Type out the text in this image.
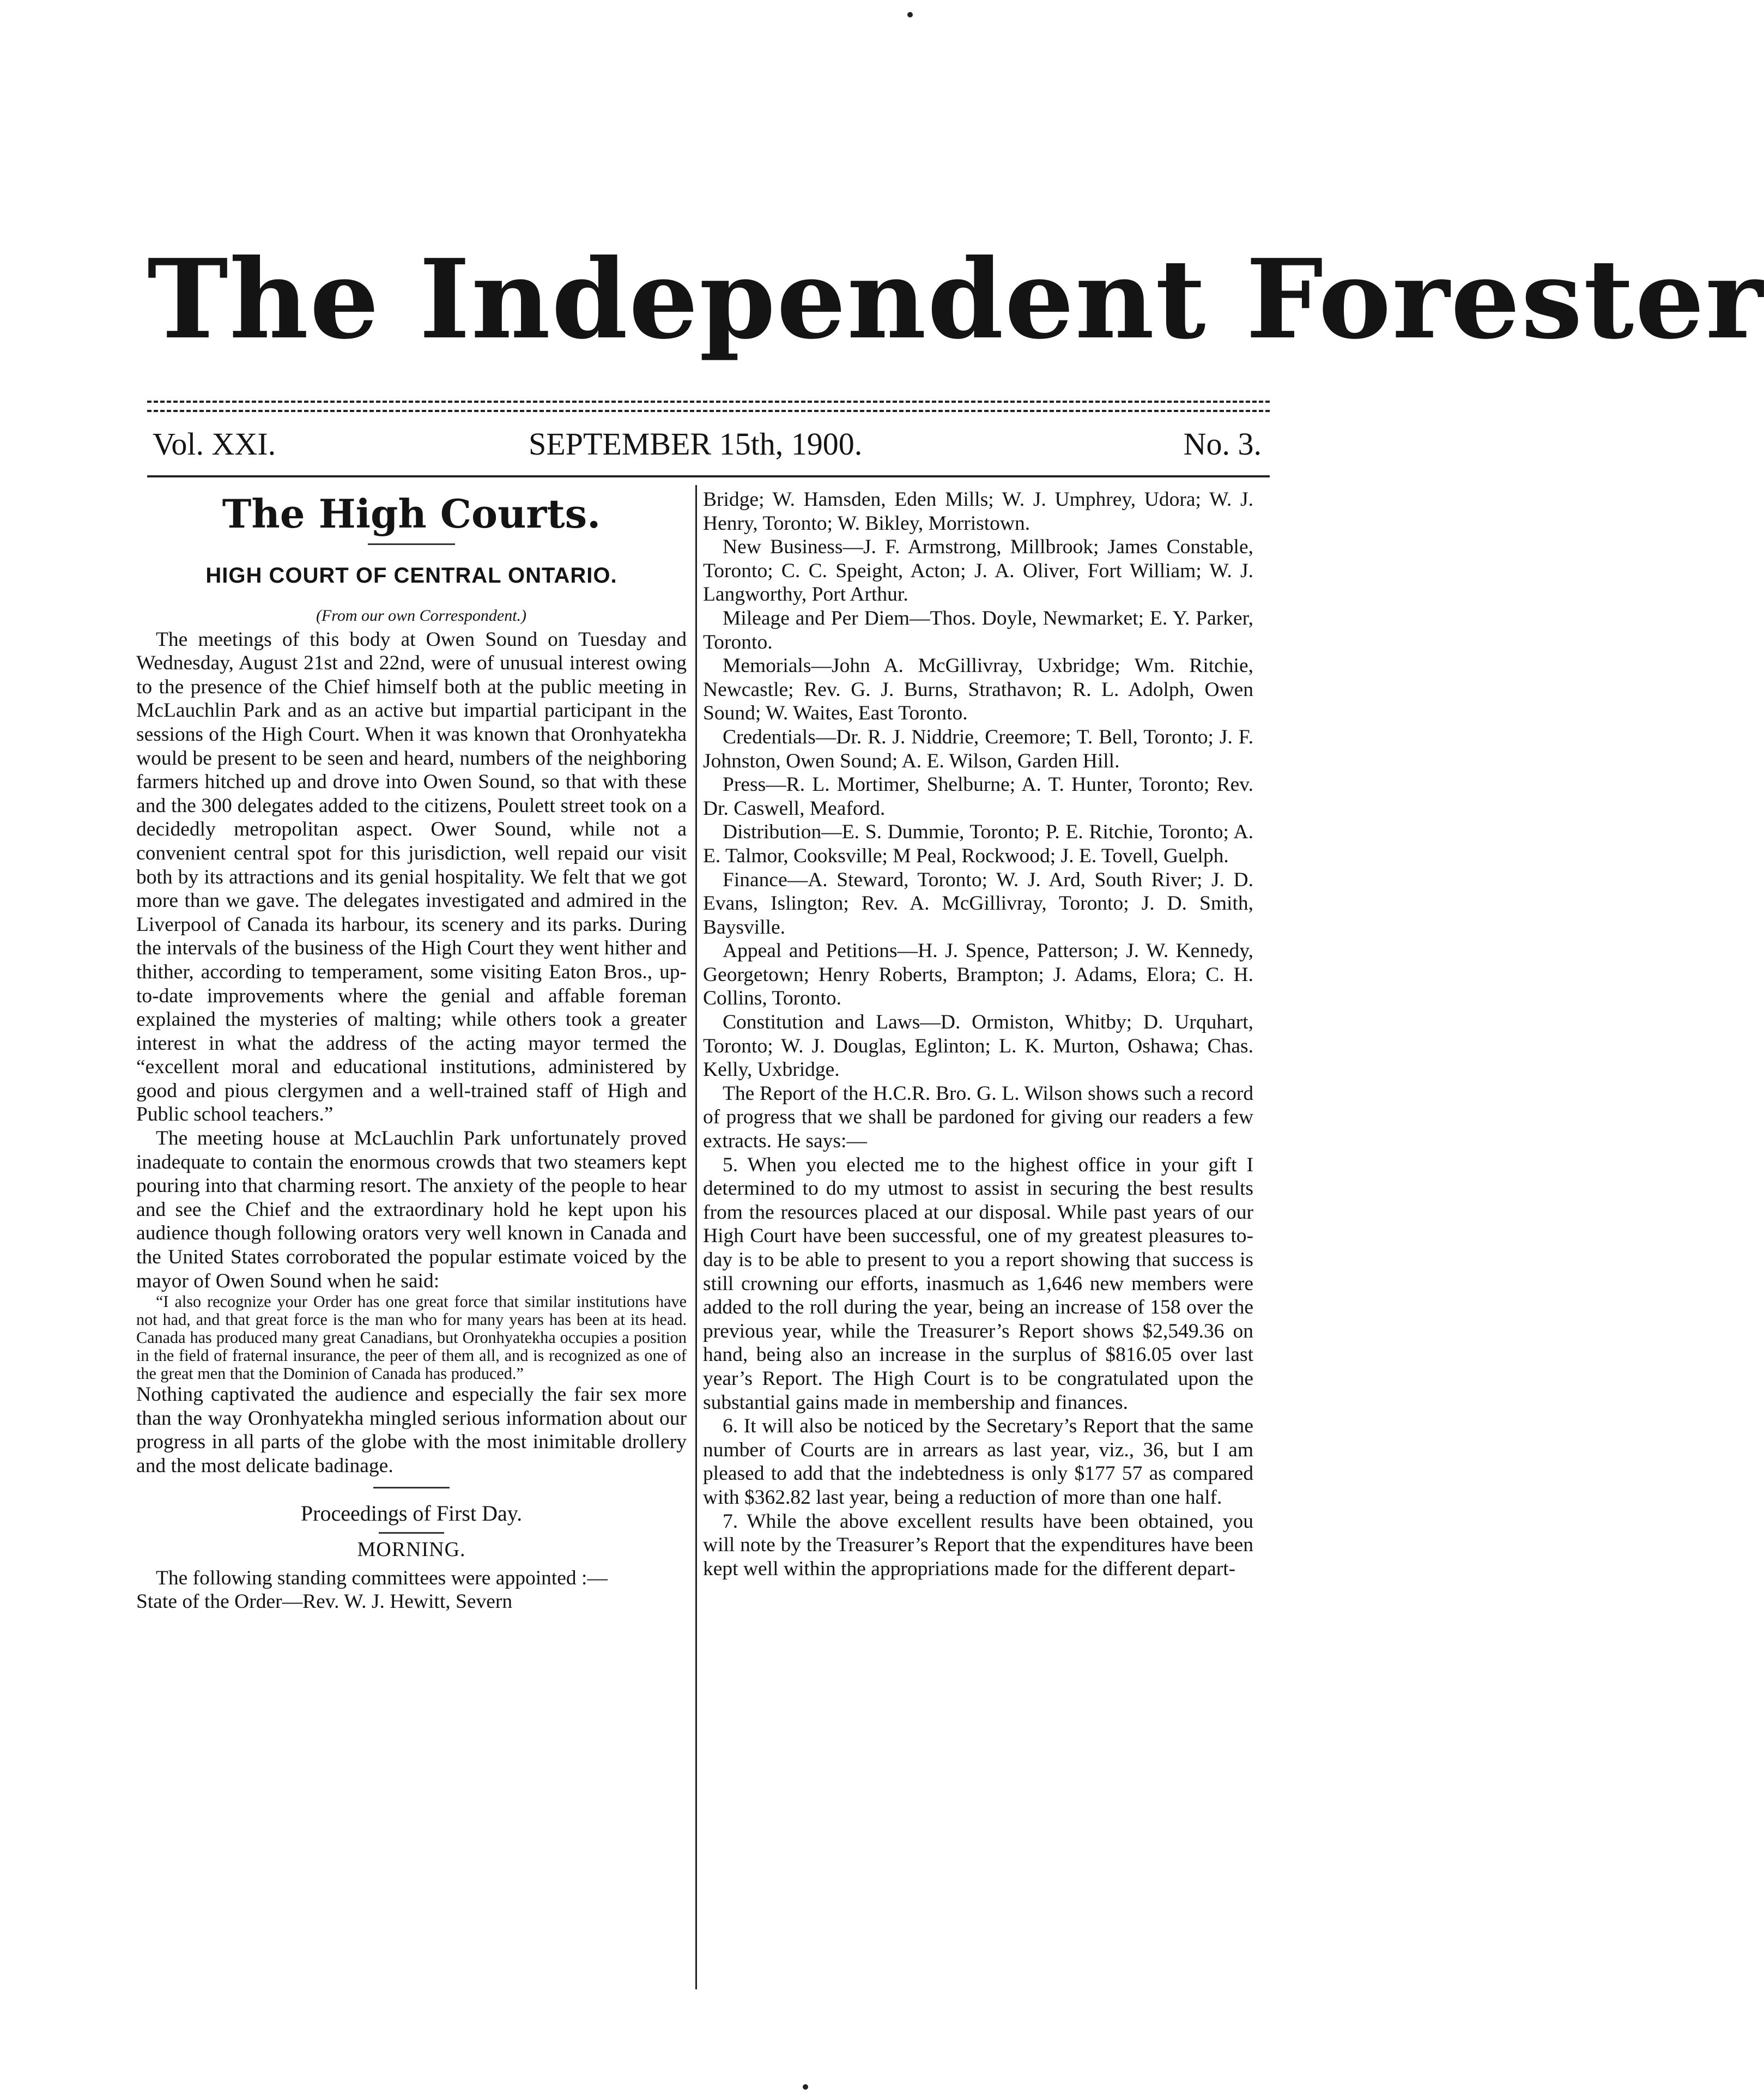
The Independent Forester
Vol. XXI.	SEPTEMBER 15th, 1900.	No. 3.
The High Courts.
HIGH COURT OF CENTRAL ONTARIO.

(From our own Correspondent.)

The meetings of this body at Owen Sound on Tuesday and Wednesday, August 21st and 22nd, were of unusual interest owing to the presence of the Chief himself both at the public meeting in McLauchlin Park and as an active but impartial participant in the sessions of the High Court. When it was known that Oronhyatekha would be present to be seen and heard, numbers of the neighboring farmers hitched up and drove into Owen Sound, so that with these and the 300 delegates added to the citizens, Poulett street took on a decidedly metropolitan aspect. Ower Sound, while not a convenient central spot for this jurisdiction, well repaid our visit both by its attractions and its genial hospitality. We felt that we got more than we gave. The delegates investigated and admired in the Liverpool of Canada its harbour, its scenery and its parks. During the intervals of the business of the High Court they went hither and thither, according to temperament, some visiting Eaton Bros., up-to-date improvements where the genial and affable foreman explained the mysteries of malting; while others took a greater interest in what the address of the acting mayor termed the “excellent moral and educational institutions, administered by good and pious clergymen and a well-trained staff of High and Public school teachers.”

The meeting house at McLauchlin Park unfortunately proved inadequate to contain the enormous crowds that two steamers kept pouring into that charming resort. The anxiety of the people to hear and see the Chief and the extraordinary hold he kept upon his audience though following orators very well known in Canada and the United States corroborated the popular estimate voiced by the mayor of Owen Sound when he said:

“I also recognize your Order has one great force that similar institutions have not had, and that great force is the man who for many years has been at its head. Canada has produced many great Canadians, but Oronhyatekha occupies a position in the field of fraternal insurance, the peer of them all, and is recognized as one of the great men that the Dominion of Canada has produced.”

Nothing captivated the audience and especially the fair sex more than the way Oronhyatekha mingled serious information about our progress in all parts of the globe with the most inimitable drollery and the most delicate badinage.

Proceedings of First Day.
MORNING.

The following standing committees were appointed :—

State of the Order—Rev. W. J. Hewitt, Severn

Bridge; W. Hamsden, Eden Mills; W. J. Umphrey, Udora; W. J. Henry, Toronto; W. Bikley, Morristown.

New Business—J. F. Armstrong, Millbrook; James Constable, Toronto; C. C. Speight, Acton; J. A. Oliver, Fort William; W. J. Langworthy, Port Arthur.

Mileage and Per Diem—Thos. Doyle, Newmarket; E. Y. Parker, Toronto.

Memorials—John A. McGillivray, Uxbridge; Wm. Ritchie, Newcastle; Rev. G. J. Burns, Strathavon; R. L. Adolph, Owen Sound; W. Waites, East Toronto.

Credentials—Dr. R. J. Niddrie, Creemore; T. Bell, Toronto; J. F. Johnston, Owen Sound; A. E. Wilson, Garden Hill.

Press—R. L. Mortimer, Shelburne; A. T. Hunter, Toronto; Rev. Dr. Caswell, Meaford.

Distribution—E. S. Dummie, Toronto; P. E. Ritchie, Toronto; A. E. Talmor, Cooksville; M Peal, Rockwood; J. E. Tovell, Guelph.

Finance—A. Steward, Toronto; W. J. Ard, South River; J. D. Evans, Islington; Rev. A. McGillivray, Toronto; J. D. Smith, Baysville.

Appeal and Petitions—H. J. Spence, Patterson; J. W. Kennedy, Georgetown; Henry Roberts, Brampton; J. Adams, Elora; C. H. Collins, Toronto.

Constitution and Laws—D. Ormiston, Whitby; D. Urquhart, Toronto; W. J. Douglas, Eglinton; L. K. Murton, Oshawa; Chas. Kelly, Uxbridge.

The Report of the H.C.R. Bro. G. L. Wilson shows such a record of progress that we shall be pardoned for giving our readers a few extracts. He says:—

5. When you elected me to the highest office in your gift I determined to do my utmost to assist in securing the best results from the resources placed at our disposal. While past years of our High Court have been successful, one of my greatest pleasures to-day is to be able to present to you a report showing that success is still crowning our efforts, inasmuch as 1,646 new members were added to the roll during the year, being an increase of 158 over the previous year, while the Treasurer’s Report shows $2,549.36 on hand, being also an increase in the surplus of $816.05 over last year’s Report. The High Court is to be congratulated upon the substantial gains made in membership and finances.

6. It will also be noticed by the Secretary’s Report that the same number of Courts are in arrears as last year, viz., 36, but I am pleased to add that the indebtedness is only $177 57 as compared with $362.82 last year, being a reduction of more than one half.

7. While the above excellent results have been obtained, you will note by the Treasurer’s Report that the expenditures have been kept well within the appropriations made for the different depart-
